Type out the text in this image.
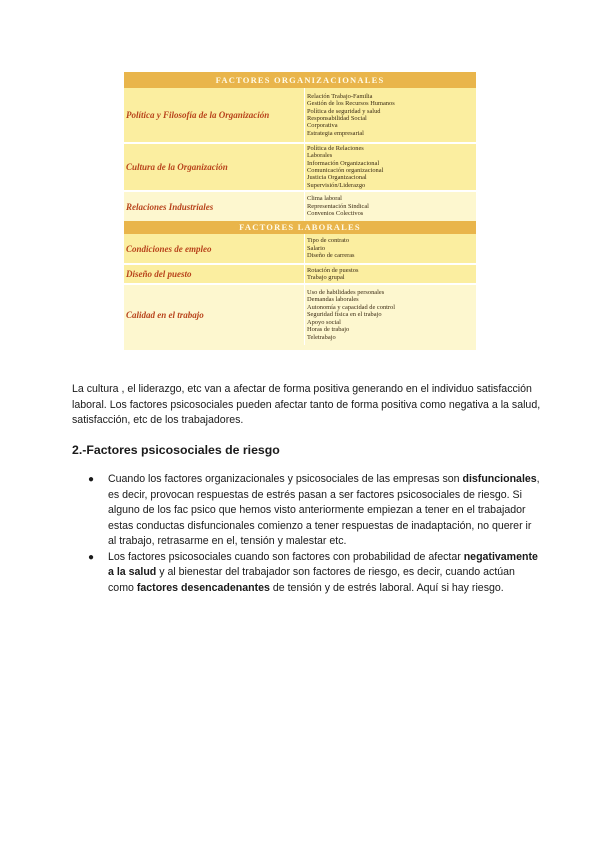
FACTORES ORGANIZACIONALES
Política y Filosofía de la Organización
Relación Trabajo-Familia
Gestión de los Recursos Humanos
Política de seguridad y salud
Responsabilidad Social
Corporativa
Estrategia empresarial
Cultura de la Organización
Política de Relaciones
Laborales
Información Organizacional
Comunicación organizacional
Justicia Organizacional
Supervisión/Liderazgo
Relaciones Industriales
Clima laboral
Representación Sindical
Convenios Colectivos
FACTORES LABORALES
Condiciones de empleo
Tipo de contrato
Salario
Diseño de carreras
Diseño del puesto	Rotación de puestos
Trabajo grupal
Calidad en el trabajo
Uso de habilidades personales
Demandas laborales
Autonomía y capacidad de control
Seguridad física en el trabajo
Apoyo social
Horas de trabajo
Teletrabajo

La cultura , el liderazgo, etc van a afectar de forma positiva generando en el individuo satisfacción laboral. Los factores psicosociales pueden afectar tanto de forma positiva como negativa a la salud, satisfacción, etc de los trabajadores.

2.-Factores psicosociales de riesgo
● Cuando los factores organizacionales y psicosociales de las empresas son disfuncionales, es decir, provocan respuestas de estrés pasan a ser factores psicosociales de riesgo. Si alguno de los fac psico que hemos visto anteriormente empiezan a tener en el trabajador estas conductas disfuncionales comienzo a tener respuestas de inadaptación, no querer ir al trabajo, retrasarme en el, tensión y malestar etc.
● Los factores psicosociales cuando son factores con probabilidad de afectar negativamente a la salud y al bienestar del trabajador son factores de riesgo, es decir, cuando actúan como factores desencadenantes de tensión y de estrés laboral. Aquí si hay riesgo.
